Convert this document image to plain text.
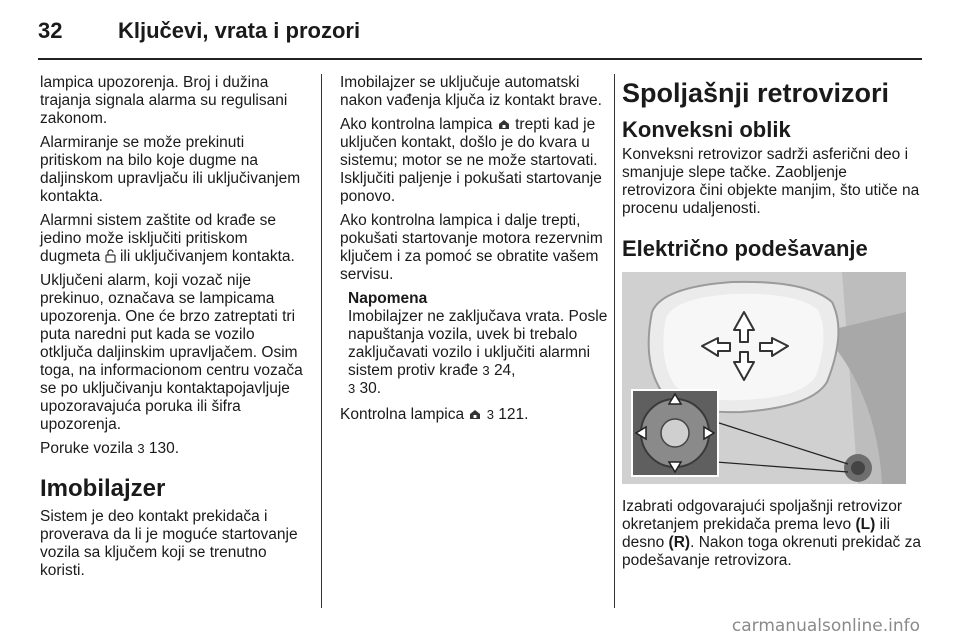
32	Ključevi, vrata i prozori

lampica upozorenja. Broj i dužina trajanja signala alarma su regulisani zakonom.

Alarmiranje se može prekinuti pritiskom na bilo koje dugme na daljinskom upravljaču ili uključivanjem kontakta.

Alarmni sistem zaštite od krađe se jedino može isključiti pritiskom dugmeta ili uključivanjem kontakta.

Uključeni alarm, koji vozač nije prekinuo, označava se lampicama upozorenja. One će brzo zatreptati tri puta naredni put kada se vozilo otključa daljinskim upravljačem. Osim toga, na informacionom centru vozača se po uključivanju kontaktapojavljuje upozoravajuća poruka ili šifra upozorenja.

Poruke vozila 3 130.

Imobilajzer

Sistem je deo kontakt prekidača i proverava da li je moguće startovanje vozila sa ključem koji se trenutno koristi.

Imobilajzer se uključuje automatski nakon vađenja ključa iz kontakt brave.

Ako kontrolna lampica trepti kad je uključen kontakt, došlo je do kvara u sistemu; motor se ne može startovati. Isključiti paljenje i pokušati startovanje ponovo.

Ako kontrolna lampica i dalje trepti, pokušati startovanje motora rezervnim ključem i za pomoć se obratite vašem servisu.

Napomena

Imobilajzer ne zaključava vrata. Posle napuštanja vozila, uvek bi trebalo zaključavati vozilo i uključiti alarmni sistem protiv krađe 3 24,
3 30.

Kontrolna lampica 3 121.

Spoljašnji retrovizori
Konveksni oblik

Konveksni retrovizor sadrži asferični deo i smanjuje slepe tačke. Zaobljenje retrovizora čini objekte manjim, što utiče na procenu udaljenosti.

Električno podešavanje

Izabrati odgovarajući spoljašnji retrovizor okretanjem prekidača prema levo (L) ili desno (R). Nakon toga okrenuti prekidač za podešavanje retrovizora.

carmanualsonline.info
